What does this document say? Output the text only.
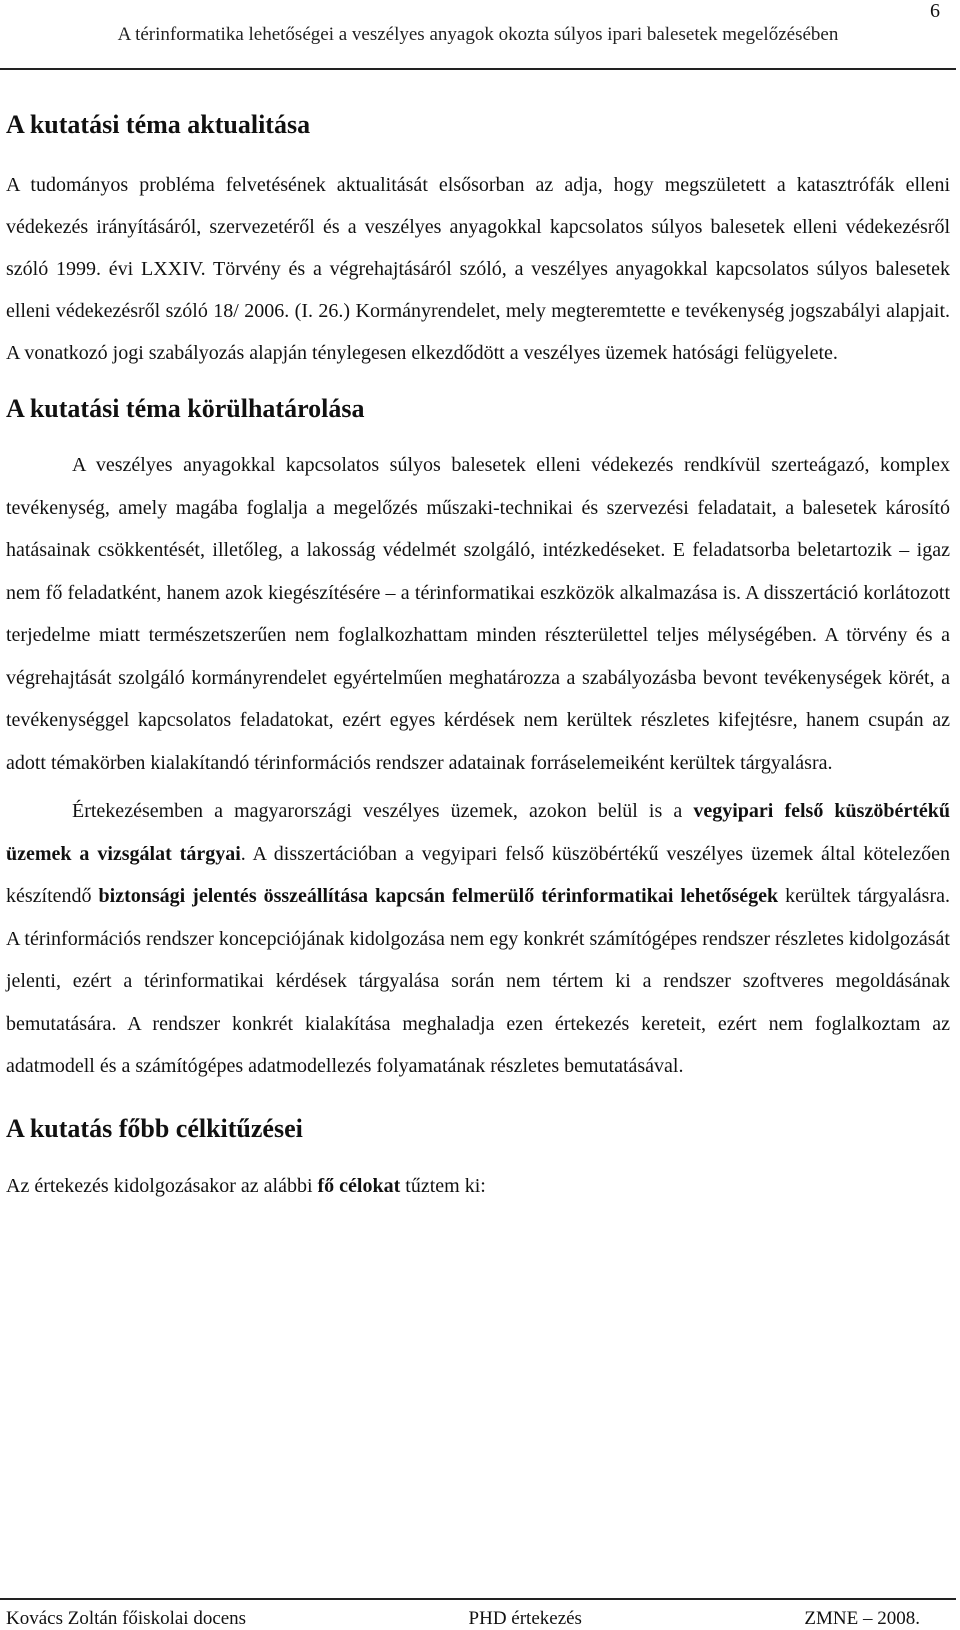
6
A térinformatika lehetőségei a veszélyes anyagok okozta súlyos ipari balesetek megelőzésében
A kutatási téma aktualitása

A tudományos probléma felvetésének aktualitását elsősorban az adja, hogy megszületett a katasztrófák elleni védekezés irányításáról, szervezetéről és a veszélyes anyagokkal kapcsolatos súlyos balesetek elleni védekezésről szóló 1999. évi LXXIV. Törvény és a végrehajtásáról szóló, a veszélyes anyagokkal kapcsolatos súlyos balesetek elleni védekezésről szóló 18/ 2006. (I. 26.) Kormányrendelet, mely megteremtette e tevékenység jogszabályi alapjait. A vonatkozó jogi szabályozás alapján ténylegesen elkezdődött a veszélyes üzemek hatósági felügyelete.

A kutatási téma körülhatárolása

A veszélyes anyagokkal kapcsolatos súlyos balesetek elleni védekezés rendkívül szerteágazó, komplex tevékenység, amely magába foglalja a megelőzés műszaki-technikai és szervezési feladatait, a balesetek károsító hatásainak csökkentését, illetőleg, a lakosság védelmét szolgáló, intézkedéseket. E feladatsorba beletartozik – igaz nem fő feladatként, hanem azok kiegészítésére – a térinformatikai eszközök alkalmazása is. A disszertáció korlátozott terjedelme miatt természetszerűen nem foglalkozhattam minden részterülettel teljes mélységében. A törvény és a végrehajtását szolgáló kormányrendelet egyértelműen meghatározza a szabályozásba bevont tevékenységek körét, a tevékenységgel kapcsolatos feladatokat, ezért egyes kérdések nem kerültek részletes kifejtésre, hanem csupán az adott témakörben kialakítandó térinformációs rendszer adatainak forráselemeiként kerültek tárgyalásra.

Értekezésemben a magyarországi veszélyes üzemek, azokon belül is a vegyipari felső küszöbértékű üzemek a vizsgálat tárgyai. A disszertációban a vegyipari felső küszöbértékű veszélyes üzemek által kötelezően készítendő biztonsági jelentés összeállítása kapcsán felmerülő térinformatikai lehetőségek kerültek tárgyalásra. A térinformációs rendszer koncepciójának kidolgozása nem egy konkrét számítógépes rendszer részletes kidolgozását jelenti, ezért a térinformatikai kérdések tárgyalása során nem tértem ki a rendszer szoftveres megoldásának bemutatására. A rendszer konkrét kialakítása meghaladja ezen értekezés kereteit, ezért nem foglalkoztam az adatmodell és a számítógépes adatmodellezés folyamatának részletes bemutatásával.

A kutatás főbb célkitűzései

Az értekezés kidolgozásakor az alábbi fő célokat tűztem ki:

Kovács Zoltán főiskolai docens	PHD értekezés	ZMNE – 2008.
